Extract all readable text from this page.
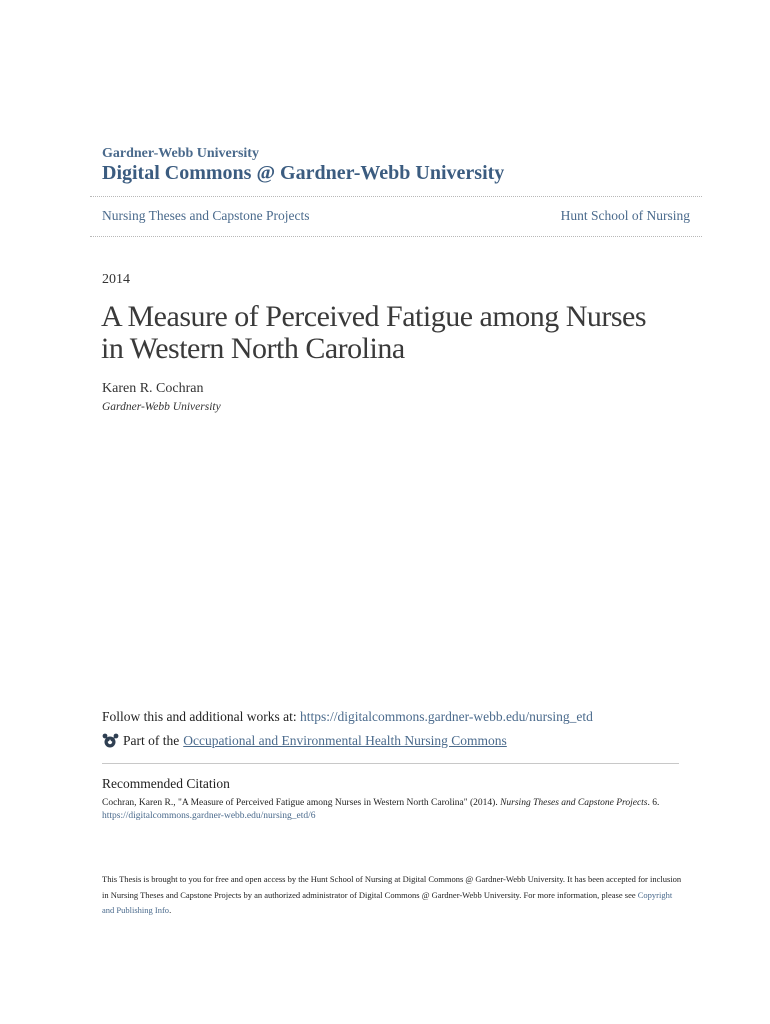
Gardner-Webb University
Digital Commons @ Gardner-Webb University
Nursing Theses and Capstone Projects	Hunt School of Nursing
2014
A Measure of Perceived Fatigue among Nurses in Western North Carolina
Karen R. Cochran
Gardner-Webb University
Follow this and additional works at: https://digitalcommons.gardner-webb.edu/nursing_etd
Part of the Occupational and Environmental Health Nursing Commons
Recommended Citation
Cochran, Karen R., "A Measure of Perceived Fatigue among Nurses in Western North Carolina" (2014). Nursing Theses and Capstone Projects. 6.
https://digitalcommons.gardner-webb.edu/nursing_etd/6
This Thesis is brought to you for free and open access by the Hunt School of Nursing at Digital Commons @ Gardner-Webb University. It has been accepted for inclusion in Nursing Theses and Capstone Projects by an authorized administrator of Digital Commons @ Gardner-Webb University. For more information, please see Copyright and Publishing Info.
